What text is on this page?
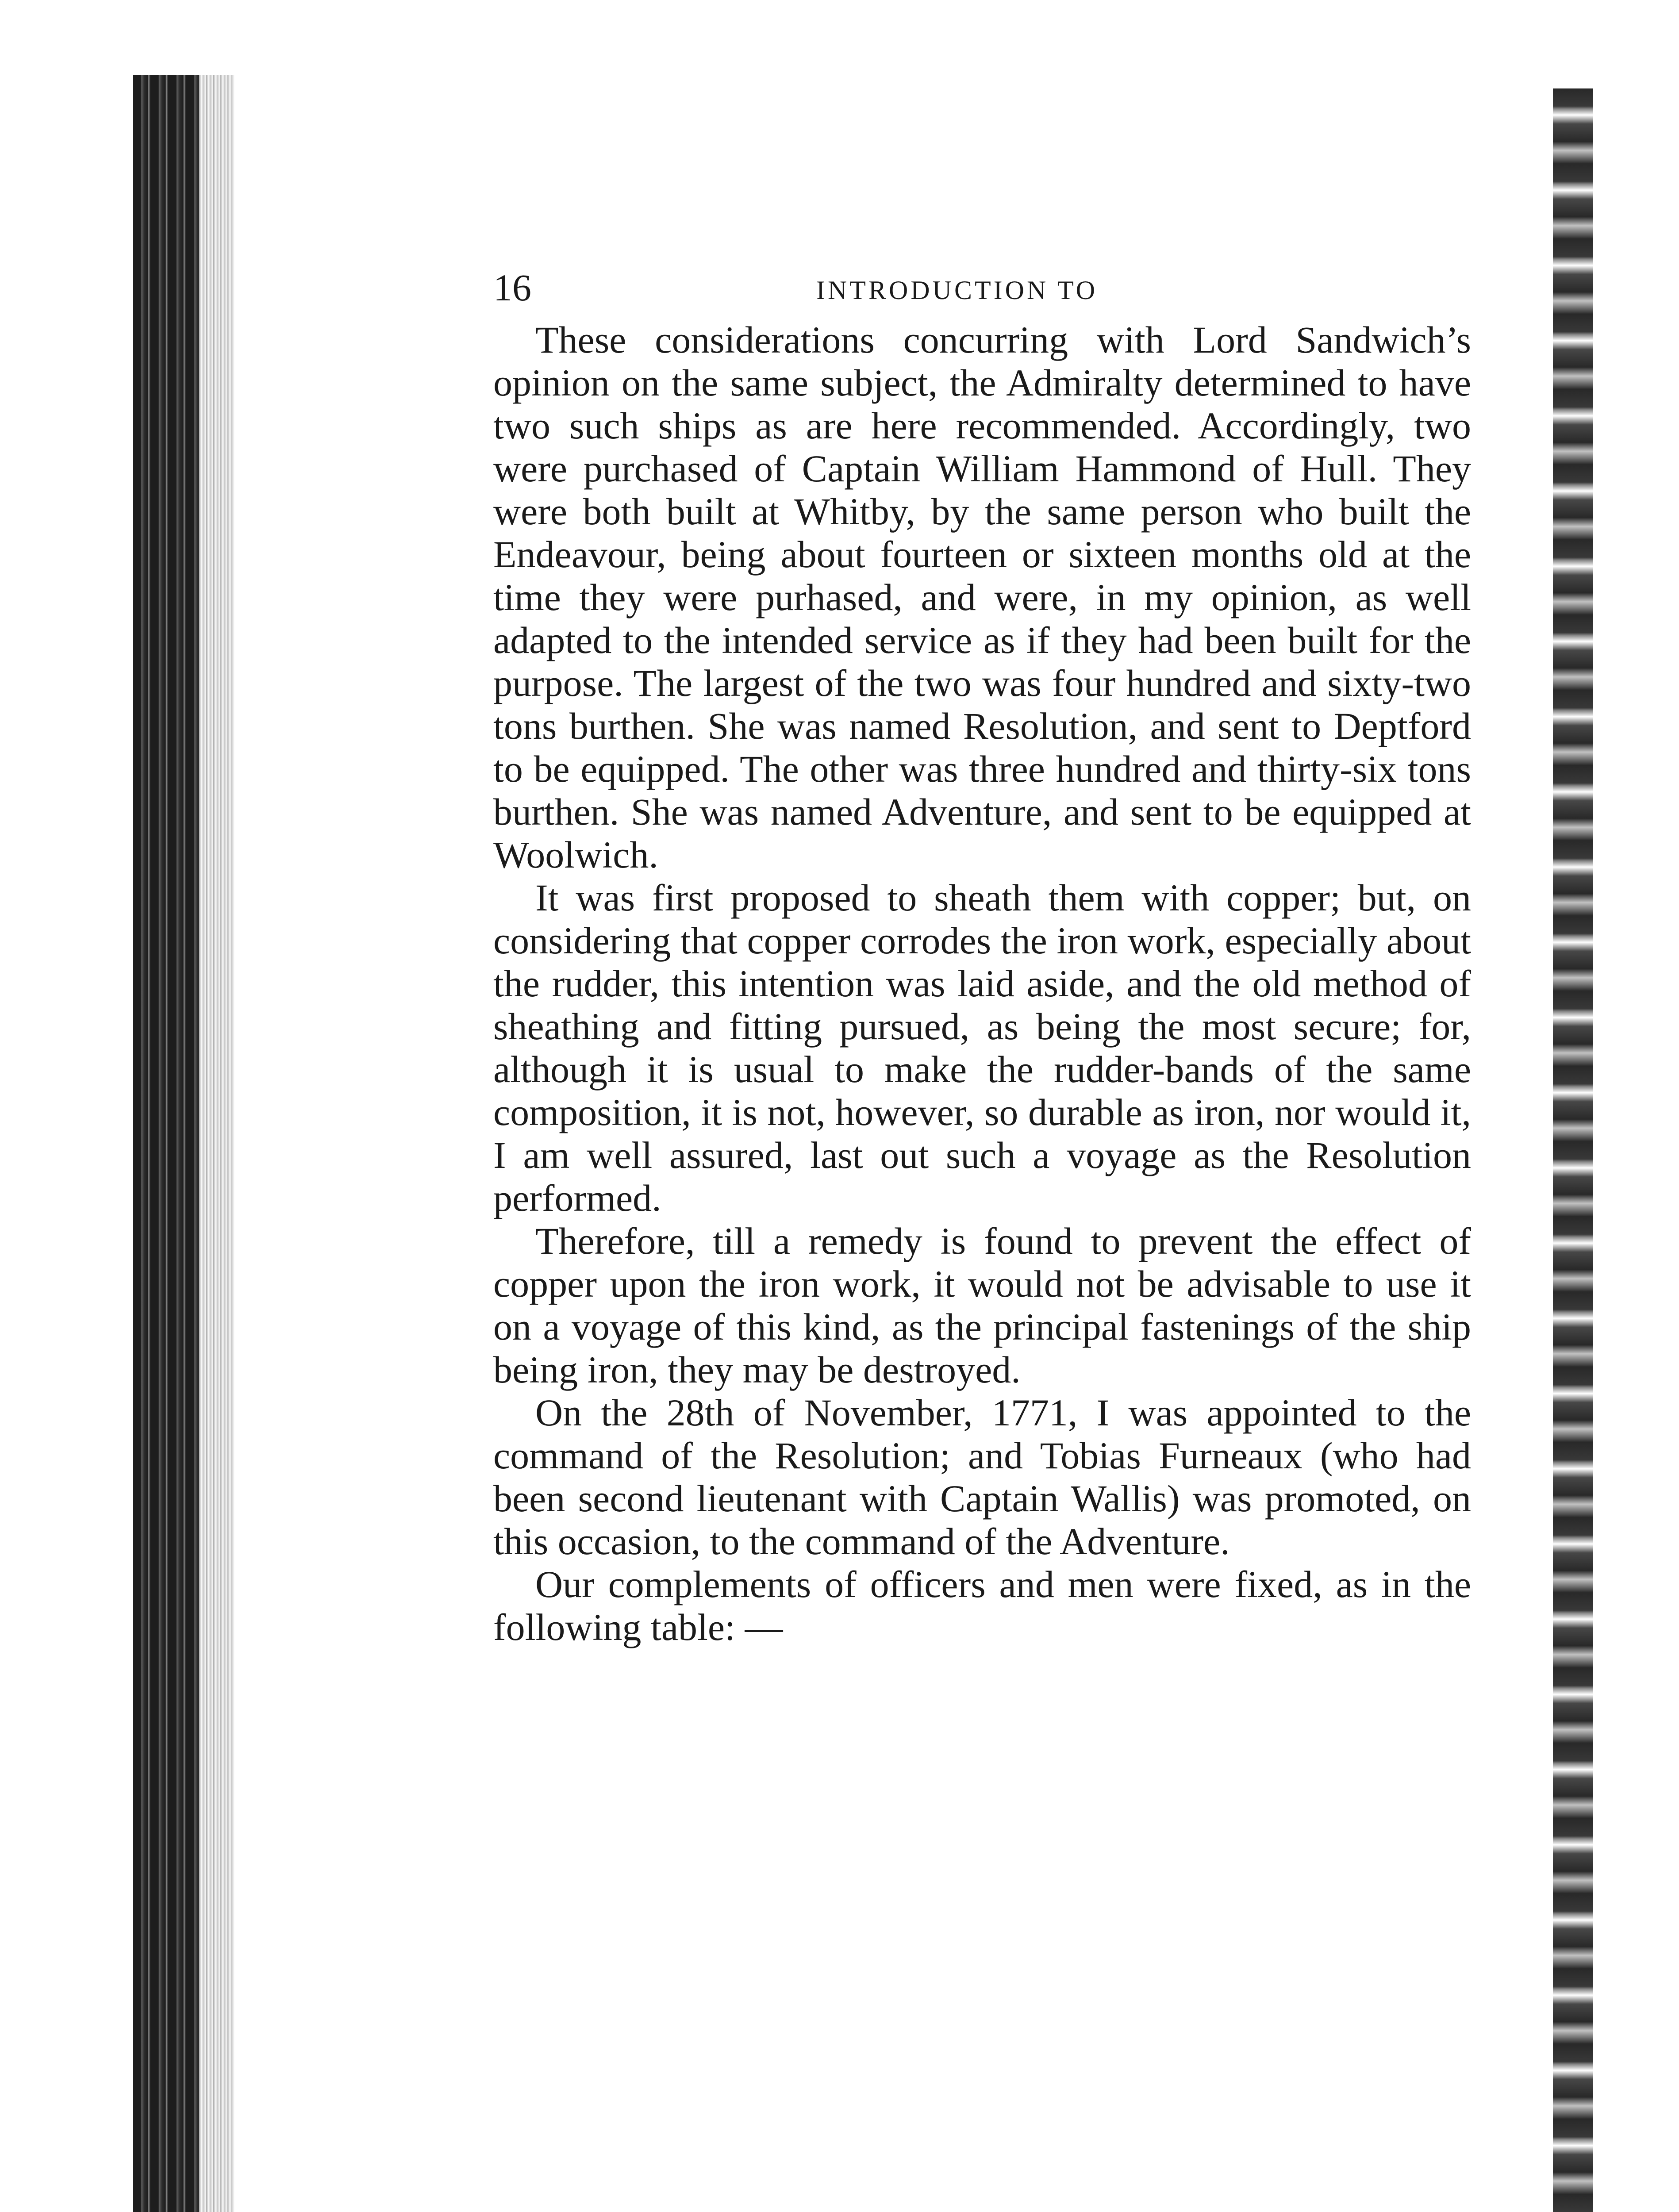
16	INTRODUCTION TO

These considerations concurring with Lord Sandwich’s opinion on the same subject, the Admiralty determined to have two such ships as are here recommended. Accordingly, two were purchased of Captain William Hammond of Hull. They were both built at Whitby, by the same person who built the Endeavour, being about fourteen or sixteen months old at the time they were purhased, and were, in my opinion, as well adapted to the intended service as if they had been built for the purpose. The largest of the two was four hundred and sixty-two tons burthen. She was named Resolution, and sent to Deptford to be equipped. The other was three hundred and thirty-six tons burthen. She was named Adventure, and sent to be equipped at Woolwich.

It was first proposed to sheath them with copper; but, on considering that copper corrodes the iron work, especially about the rudder, this intention was laid aside, and the old method of sheathing and fitting pursued, as being the most secure; for, although it is usual to make the rudder-bands of the same composition, it is not, however, so durable as iron, nor would it, I am well assured, last out such a voyage as the Resolution performed.

Therefore, till a remedy is found to prevent the effect of copper upon the iron work, it would not be advisable to use it on a voyage of this kind, as the principal fastenings of the ship being iron, they may be destroyed.

On the 28th of November, 1771, I was appointed to the command of the Resolution; and Tobias Furneaux (who had been second lieutenant with Captain Wallis) was promoted, on this occasion, to the command of the Adventure.

Our complements of officers and men were fixed, as in the following table: —
